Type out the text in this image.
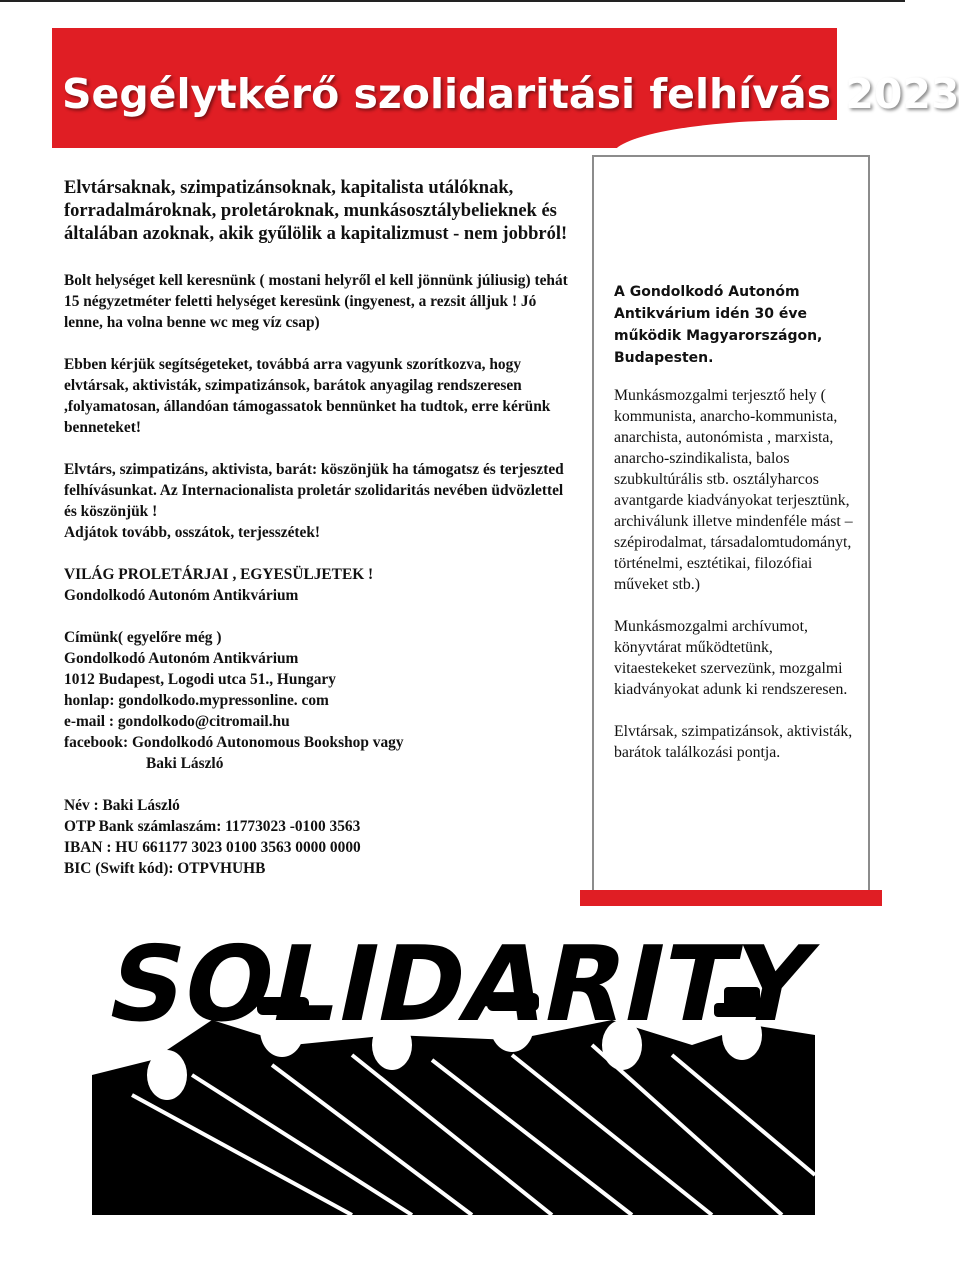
Segélytkérő szolidaritási felhívás 2023

Elvtársaknak, szimpatizánsoknak, kapitalista utálóknak, forradalmároknak, proletároknak, munkásosztálybelieknek és általában azoknak, akik gyűlölik a kapitalizmust - nem jobbról!

Bolt helységet kell keresnünk ( mostani helyről el kell jönnünk júliusig) tehát 15 négyzetméter feletti helységet keresünk (ingyenest, a rezsit álljuk ! Jó lenne, ha volna benne wc meg víz csap)

Ebben kérjük segítségeteket, továbbá arra vagyunk szorítkozva, hogy elvtársak, aktivisták, szimpatizánsok, barátok anyagilag rendszeresen ,folyamatosan, állandóan támogassatok bennünket ha tudtok, erre kérünk benneteket!

Elvtárs, szimpatizáns, aktivista, barát: köszönjük ha támogatsz és terjeszted felhívásunkat. Az Internacionalista proletár szolidaritás nevében üdvözlettel és köszönjük !

Adjátok tovább, osszátok, terjesszétek!

VILÁG PROLETÁRJAI , EGYESÜLJETEK !

Gondolkodó Autonóm Antikvárium

Címünk( egyelőre még )

Gondolkodó Autonóm Antikvárium

1012 Budapest, Logodi utca 51., Hungary

honlap: gondolkodo.mypressonline. com

e-mail : gondolkodo@citromail.hu

facebook: Gondolkodó Autonomous Bookshop vagy

Baki László

Név : Baki László

OTP Bank számlaszám: 11773023 -0100 3563

IBAN : HU 661177 3023 0100 3563 0000 0000

BIC (Swift kód): OTPVHUHB

A Gondolkodó Autonóm Antikvárium idén 30 éve működik Magyarországon, Budapesten.

Munkásmozgalmi terjesztő hely ( kommunista, anarcho-kommunista, anarchista, autonómista , marxista, anarcho-szindikalista, balos szubkultúrális stb. osztályharcos avantgarde kiadványokat terjesztünk, archiválunk illetve mindenféle mást – szépirodalmat, társadalomtudományt, történelmi, esztétikai, filozófiai műveket stb.)

Munkásmozgalmi archívumot, könyvtárat működtetünk, vitaestekeket szervezünk, mozgalmi kiadványokat adunk ki rendszeresen.

Elvtársak, szimpatizánsok, aktivisták, barátok találkozási pontja.

SOLIDARITY
